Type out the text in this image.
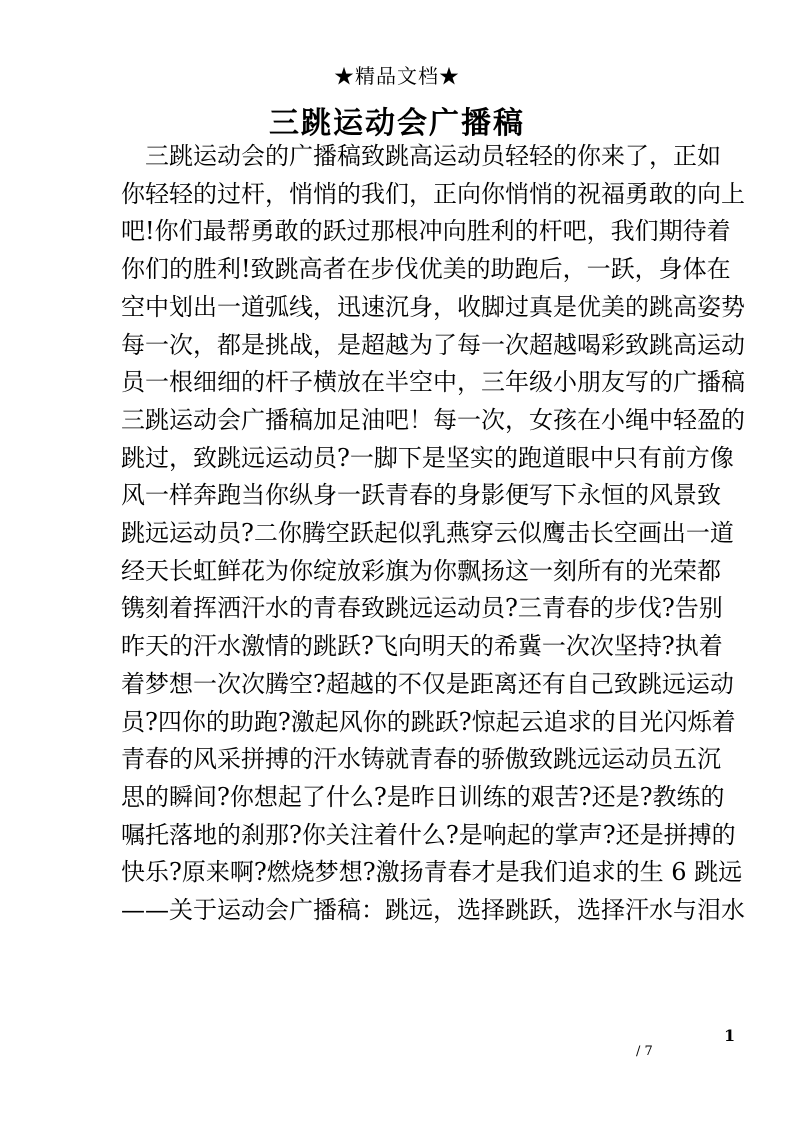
★精品文档★
三跳运动会广播稿
　三跳运动会的广播稿致跳高运动员轻轻的你来了，正如
你轻轻的过杆，悄悄的我们，正向你悄悄的祝福勇敢的向上
吧!你们最帮勇敢的跃过那根冲向胜利的杆吧，我们期待着
你们的胜利!致跳高者在步伐优美的助跑后，一跃，身体在
空中划出一道弧线，迅速沉身，收脚过真是优美的跳高姿势
每一次，都是挑战，是超越为了每一次超越喝彩致跳高运动
员一根细细的杆子横放在半空中，三年级小朋友写的广播稿
三跳运动会广播稿加足油吧！每一次，女孩在小绳中轻盈的
跳过，致跳远运动员?一脚下是坚实的跑道眼中只有前方像
风一样奔跑当你纵身一跃青春的身影便写下永恒的风景致
跳远运动员?二你腾空跃起似乳燕穿云似鹰击长空画出一道
经天长虹鲜花为你绽放彩旗为你飘扬这一刻所有的光荣都
镌刻着挥洒汗水的青春致跳远运动员?三青春的步伐?告别
昨天的汗水激情的跳跃?飞向明天的希冀一次次坚持?执着
着梦想一次次腾空?超越的不仅是距离还有自己致跳远运动
员?四你的助跑?激起风你的跳跃?惊起云追求的目光闪烁着
青春的风采拼搏的汗水铸就青春的骄傲致跳远运动员五沉
思的瞬间?你想起了什么?是昨日训练的艰苦?还是?教练的
嘱托落地的刹那?你关注着什么?是响起的掌声?还是拼搏的
快乐?原来啊?燃烧梦想?激扬青春才是我们追求的生 6 跳远
——关于运动会广播稿：跳远，选择跳跃，选择汗水与泪水
1
/ 7
